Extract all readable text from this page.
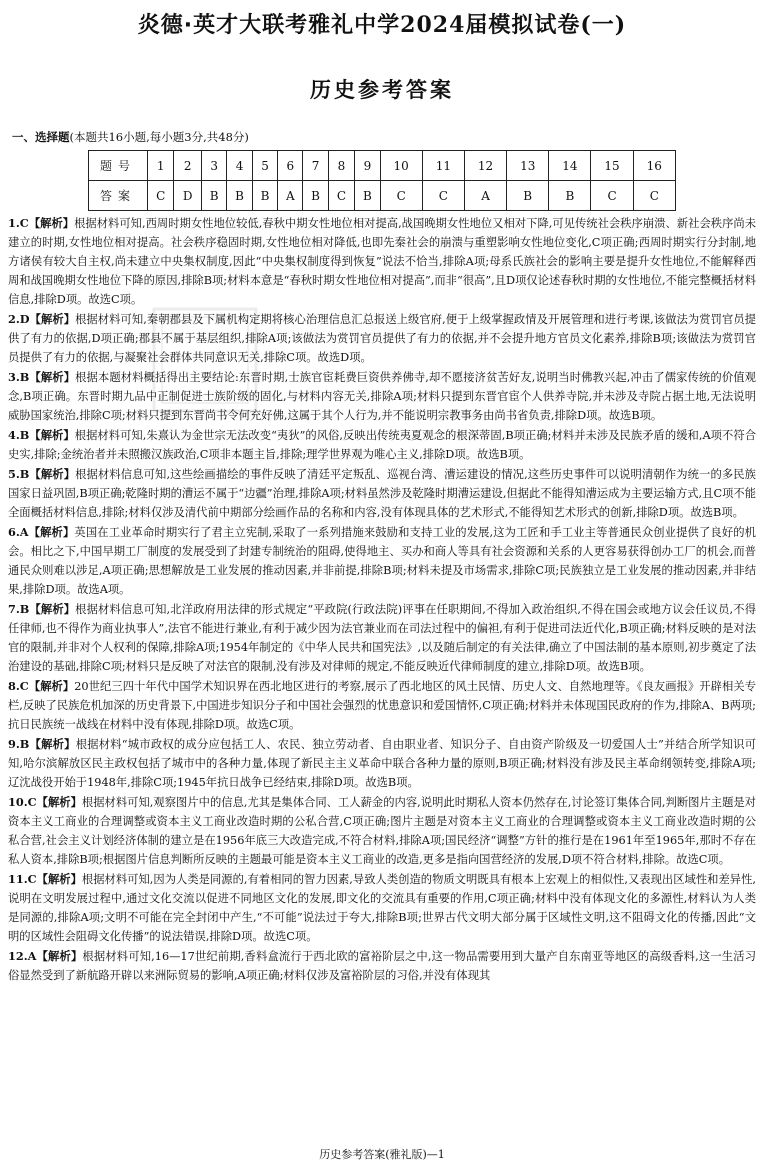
炎德·英才大联考雅礼中学2024届模拟试卷(一)
历史参考答案
一、选择题(本题共16小题,每小题3分,共48分)
题号	1	2	3	4	5	6	7	8	9	10	11	12	13	14	15	16
答案	C	D	B	B	B	A	B	C	B	C	C	A	B	B	C	C
1.C【解析】根据材料可知,西周时期女性地位较低,春秋中期女性地位相对提高,战国晚期女性地位又相对下降,可见传统社会秩序崩溃、新社会秩序尚未建立的时期,女性地位相对提高。社会秩序稳固时期,女性地位相对降低,也即先秦社会的崩溃与重塑影响女性地位变化,C项正确;西周时期实行分封制,地方诸侯有较大自主权,尚未建立中央集权制度,因此“中央集权制度得到恢复”说法不恰当,排除A项;母系氏族社会的影响主要是提升女性地位,不能解释西周和战国晚期女性地位下降的原因,排除B项;材料本意是“春秋时期女性地位相对提高”,而非“很高”,且D项仅论述春秋时期的女性地位,不能完整概括材料信息,排除D项。故选C项。
2.D【解析】根据材料可知,秦朝郡县及下属机构定期将核心治理信息汇总报送上级官府,便于上级掌握政情及开展管理和进行考课,该做法为赏罚官员提供了有力的依据,D项正确;郡县不属于基层组织,排除A项;该做法为赏罚官员提供了有力的依据,并不会提升地方官员文化素养,排除B项;该做法为赏罚官员提供了有力的依据,与凝聚社会群体共同意识无关,排除C项。故选D项。
3.B【解析】根据本题材料概括得出主要结论:东晋时期,士族官宦耗费巨资供养佛寺,却不愿接济贫苦好友,说明当时佛教兴起,冲击了儒家传统的价值观念,B项正确。东晋时期九品中正制促进士族阶级的固化,与材料内容无关,排除A项;材料只提到东晋官宦个人供养寺院,并未涉及寺院占据土地,无法说明威胁国家统治,排除C项;材料只提到东晋尚书令何充好佛,这属于其个人行为,并不能说明宗教事务由尚书省负责,排除D项。故选B项。
4.B【解析】根据材料可知,朱熹认为金世宗无法改变“夷狄”的风俗,反映出传统夷夏观念的根深蒂固,B项正确;材料并未涉及民族矛盾的缓和,A项不符合史实,排除;金统治者并未照搬汉族政治,C项非本题主旨,排除;理学世界观为唯心主义,排除D项。故选B项。
5.B【解析】根据材料信息可知,这些绘画描绘的事件反映了清廷平定叛乱、巡视台湾、漕运建设的情况,这些历史事件可以说明清朝作为统一的多民族国家日益巩固,B项正确;乾隆时期的漕运不属于“边疆”治理,排除A项;材料虽然涉及乾隆时期漕运建设,但据此不能得知漕运成为主要运输方式,且C项不能全面概括材料信息,排除;材料仅涉及清代前中期部分绘画作品的名称和内容,没有体现具体的艺术形式,不能得知艺术形式的创新,排除D项。故选B项。
6.A【解析】英国在工业革命时期实行了君主立宪制,采取了一系列措施来鼓励和支持工业的发展,这为工匠和手工业主等普通民众创业提供了良好的机会。相比之下,中国早期工厂制度的发展受到了封建专制统治的阻碍,使得地主、买办和商人等具有社会资源和关系的人更容易获得创办工厂的机会,而普通民众则难以涉足,A项正确;思想解放是工业发展的推动因素,并非前提,排除B项;材料未提及市场需求,排除C项;民族独立是工业发展的推动因素,并非结果,排除D项。故选A项。
7.B【解析】根据材料信息可知,北洋政府用法律的形式规定“平政院(行政法院)评事在任职期间,不得加入政治组织,不得在国会或地方议会任议员,不得任律师,也不得作为商业执事人”,法官不能进行兼业,有利于减少因为法官兼业而在司法过程中的偏袒,有利于促进司法近代化,B项正确;材料反映的是对法官的限制,并非对个人权利的保障,排除A项;1954年制定的《中华人民共和国宪法》,以及随后制定的有关法律,确立了中国法制的基本原则,初步奠定了法治建设的基础,排除C项;材料只是反映了对法官的限制,没有涉及对律师的规定,不能反映近代律师制度的建立,排除D项。故选B项。
8.C【解析】20世纪三四十年代中国学术知识界在西北地区进行的考察,展示了西北地区的风土民情、历史人文、自然地理等。《良友画报》开辟相关专栏,反映了民族危机加深的历史背景下,中国进步知识分子和中国社会强烈的忧患意识和爱国情怀,C项正确;材料并未体现国民政府的作为,排除A、B两项;抗日民族统一战线在材料中没有体现,排除D项。故选C项。
9.B【解析】根据材料“城市政权的成分应包括工人、农民、独立劳动者、自由职业者、知识分子、自由资产阶级及一切爱国人士”并结合所学知识可知,哈尔滨解放区民主政权包括了城市中的各种力量,体现了新民主主义革命中联合各种力量的原则,B项正确;材料没有涉及民主革命纲领转变,排除A项;辽沈战役开始于1948年,排除C项;1945年抗日战争已经结束,排除D项。故选B项。
10.C【解析】根据材料可知,观察图片中的信息,尤其是集体合同、工人薪金的内容,说明此时期私人资本仍然存在,讨论签订集体合同,判断图片主题是对资本主义工商业的合理调整或资本主义工商业改造时期的公私合营,C项正确;图片主题是对资本主义工商业的合理调整或资本主义工商业改造时期的公私合营,社会主义计划经济体制的建立是在1956年底三大改造完成,不符合材料,排除A项;国民经济“调整”方针的推行是在1961年至1965年,那时不存在私人资本,排除B项;根据图片信息判断所反映的主题最可能是资本主义工商业的改造,更多是指向国营经济的发展,D项不符合材料,排除。故选C项。
11.C【解析】根据材料可知,因为人类是同源的,有着相同的智力因素,导致人类创造的物质文明既具有根本上宏观上的相似性,又表现出区域性和差异性,说明在文明发展过程中,通过文化交流以促进不同地区文化的发展,即文化的交流具有重要的作用,C项正确;材料中没有体现文化的多源性,材料认为人类是同源的,排除A项;文明不可能在完全封闭中产生,“不可能”说法过于夸大,排除B项;世界古代文明大部分属于区域性文明,这不阻碍文化的传播,因此“文明的区域性会阻碍文化传播”的说法错误,排除D项。故选C项。
12.A【解析】根据材料可知,16—17世纪前期,香料盒流行于西北欧的富裕阶层之中,这一物品需要用到大量产自东南亚等地区的高级香料,这一生活习俗显然受到了新航路开辟以来洲际贸易的影响,A项正确;材料仅涉及富裕阶层的习俗,并没有体现其
历史参考答案(雅礼版)—1
